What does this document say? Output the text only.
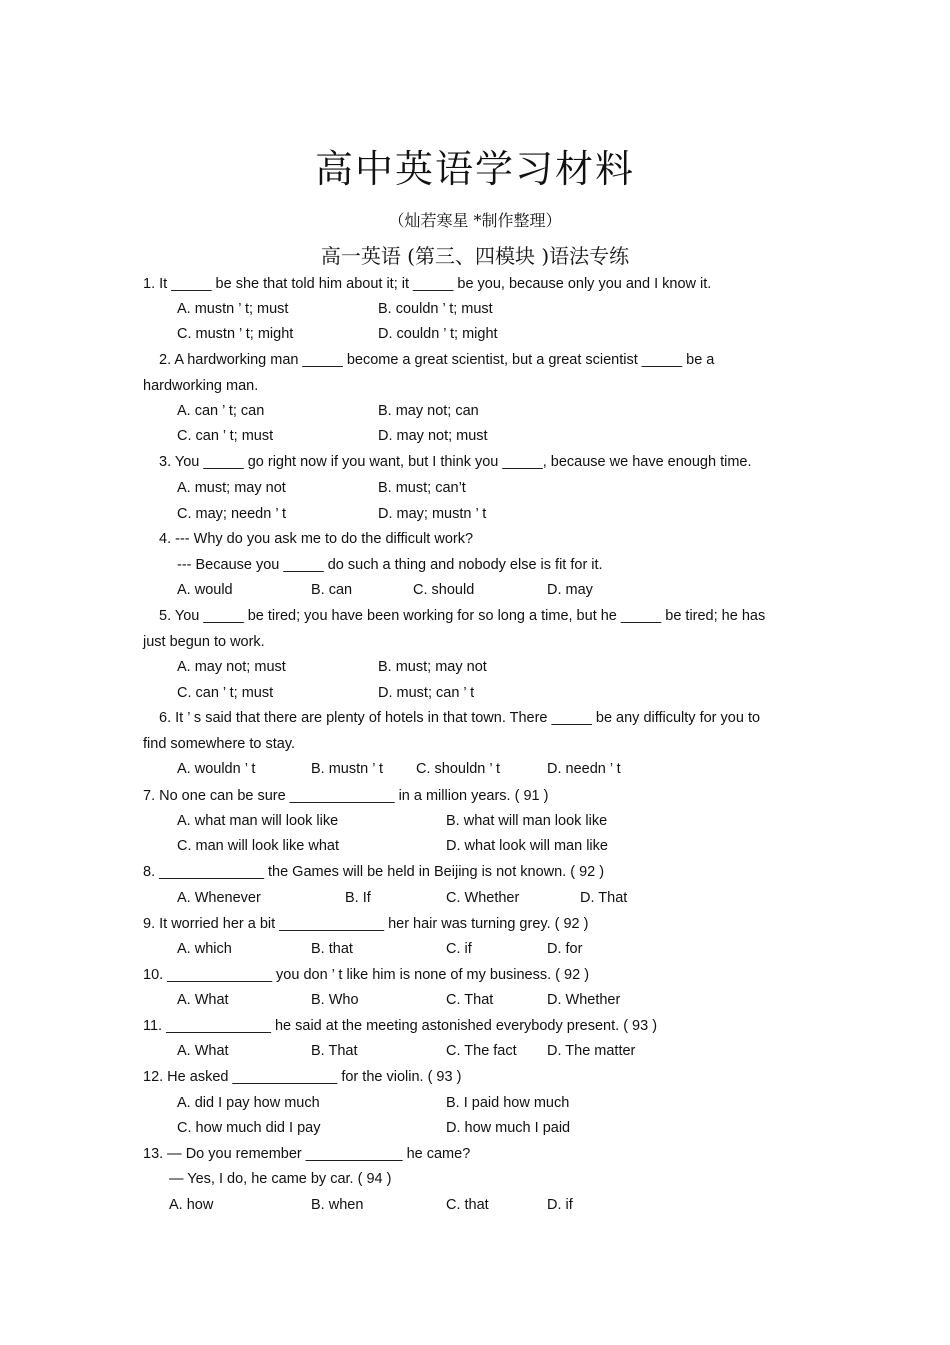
高中英语学习材料
（灿若寒星 *制作整理）
高一英语 (第三、四模块 )语法专练
1. It _____ be she that told him about it; it _____ be you, because only you and I know it.
A. mustn ’ t; must	B. couldn ’ t; must
C. mustn ’ t; might	D. couldn ’ t; might
2. A hardworking man _____ become a great scientist, but a great scientist _____ be a
hardworking man.
A. can ’ t; can	B. may not; can
C. can ’ t; must	D. may not; must
3. You _____ go right now if you want, but I think you _____, because we have enough time.
A. must; may not	B. must; can’t
C. may; needn ’ t	D. may; mustn ’ t
4. --- Why do you ask me to do the difficult work?
--- Because you _____ do such a thing and nobody else is fit for it.
A. would	B. can	C. should	D. may
5. You _____ be tired; you have been working for so long a time, but he _____ be tired; he has
just begun to work.
A. may not; must	B. must; may not
C. can ’ t; must	D. must; can ’ t
6. It ’ s said that there are plenty of hotels in that town. There _____ be any difficulty for you to
find somewhere to stay.
A. wouldn ’ t	B. mustn ’ t C. shouldn ’ t	D. needn ’ t
7. No one can be sure _____________ in a million years. ( 91 )
A. what man will look like	B. what will man look like
C. man will look like what	D. what look will man like
8. _____________ the Games will be held in Beijing is not known. ( 92 )
A. Whenever	B. If	C. Whether	D. That
9. It worried her a bit _____________ her hair was turning grey. ( 92 )
A. which	B. that	C. if	D. for
10. _____________ you don ’ t like him is none of my business. ( 92 )
A. What	B. Who	C. That	D. Whether
11. _____________ he said at the meeting astonished everybody present. ( 93 )
A. What	B. That	C. The fact D. The matter
12. He asked _____________ for the violin. ( 93 )
A. did I pay how much	B. I paid how much
C. how much did I pay	D. how much I paid
13. — Do you remember ____________ he came?
— Yes, I do, he came by car. ( 94 )
A. how	B. when	C. that	D. if
